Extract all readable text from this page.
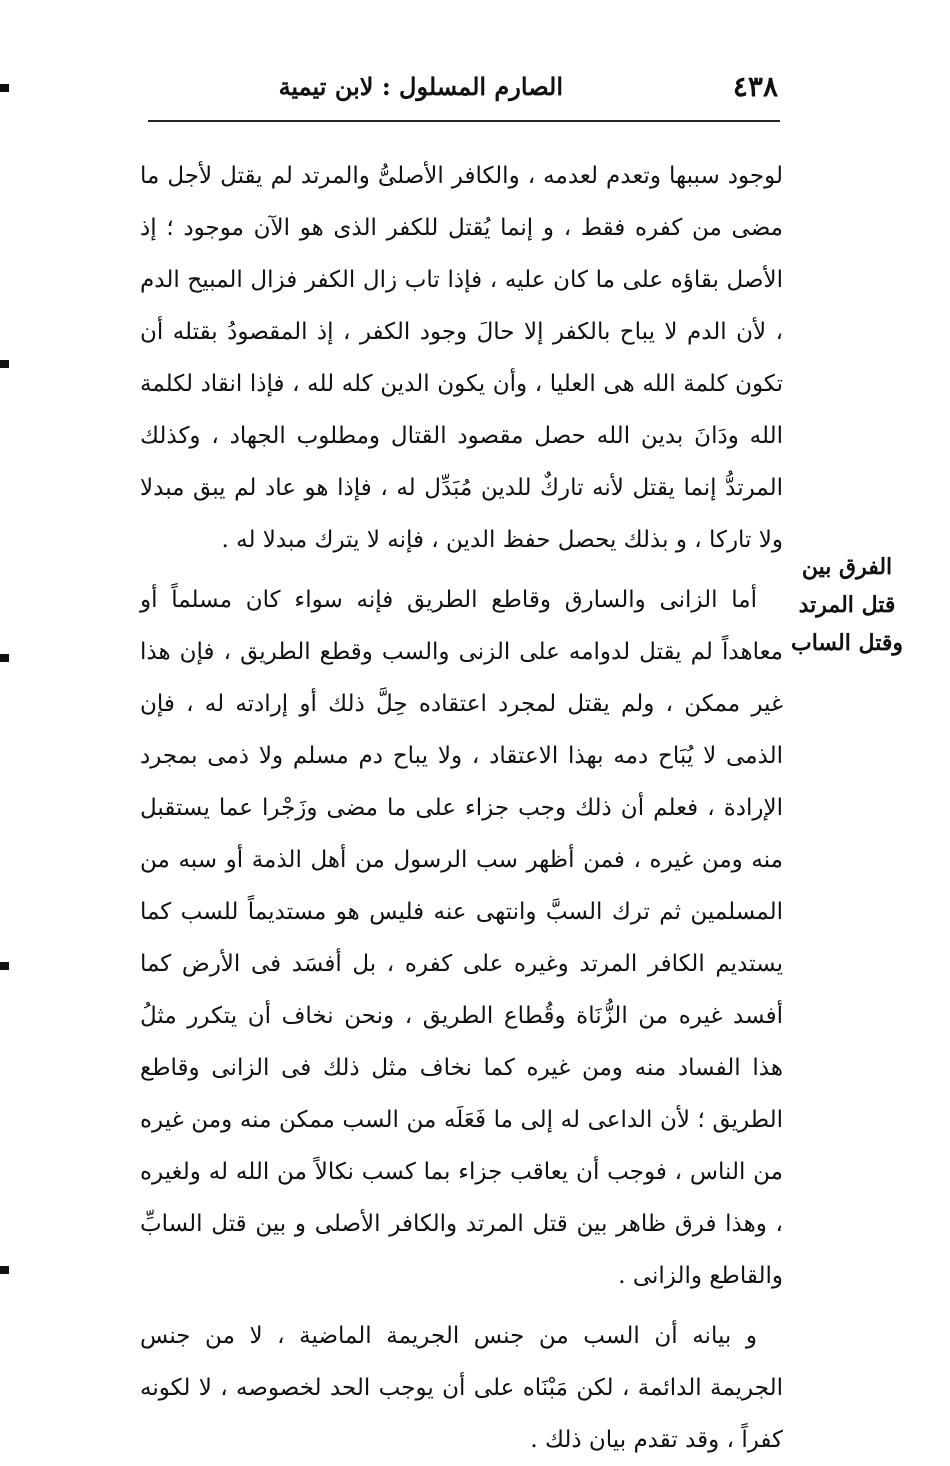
٤٣٨
الصارم المسلول : لابن تيمية

لوجود سببها وتعدم لعدمه ، والكافر الأصلىُّ والمرتد لم يقتل لأجل ما مضى من كفره فقط ، و إنما يُقتل للكفر الذى هو الآن موجود ؛ إذ الأصل بقاؤه على ما كان عليه ، فإذا تاب زال الكفر فزال المبيح الدم ، لأن الدم لا يباح بالكفر إلا حالَ وجود الكفر ، إذ المقصودُ بقتله أن تكون كلمة الله هى العليا ، وأن يكون الدين كله لله ، فإذا انقاد لكلمة الله ودَانَ بدين الله حصل مقصود القتال ومطلوب الجهاد ، وكذلك المرتدُّ إنما يقتل لأنه تاركٌ للدين مُبَدِّل له ، فإذا هو عاد لم يبق مبدلا ولا تاركا ، و بذلك يحصل حفظ الدين ، فإنه لا يترك مبدلا له .

أما الزانى والسارق وقاطع الطريق فإنه سواء كان مسلماً أو معاهداً لم يقتل لدوامه على الزنى والسب وقطع الطريق ، فإن هذا غير ممكن ، ولم يقتل لمجرد اعتقاده حِلَّ ذلك أو إرادته له ، فإن الذمى لا يُبَاح دمه بهذا الاعتقاد ، ولا يباح دم مسلم ولا ذمى بمجرد الإرادة ، فعلم أن ذلك وجب جزاء على ما مضى وزَجْرا عما يستقبل منه ومن غيره ، فمن أظهر سب الرسول من أهل الذمة أو سبه من المسلمين ثم ترك السبَّ وانتهى عنه فليس هو مستديماً للسب كما يستديم الكافر المرتد وغيره على كفره ، بل أفسَد فى الأرض كما أفسد غيره من الزُّنَاة وقُطاع الطريق ، ونحن نخاف أن يتكرر مثلُ هذا الفساد منه ومن غيره كما نخاف مثل ذلك فى الزانى وقاطع الطريق ؛ لأن الداعى له إلى ما فَعَلَه من السب ممكن منه ومن غيره من الناس ، فوجب أن يعاقب جزاء بما كسب نكالاً من الله له ولغيره ، وهذا فرق ظاهر بين قتل المرتد والكافر الأصلى و بين قتل السابِّ والقاطع والزانى .

و بيانه أن السب من جنس الجريمة الماضية ، لا من جنس الجريمة الدائمة ، لكن مَبْنَاه على أن يوجب الحد لخصوصه ، لا لكونه كفراً ، وقد تقدم بيان ذلك .

الفرق بين قتل المرتد وقتل الساب
